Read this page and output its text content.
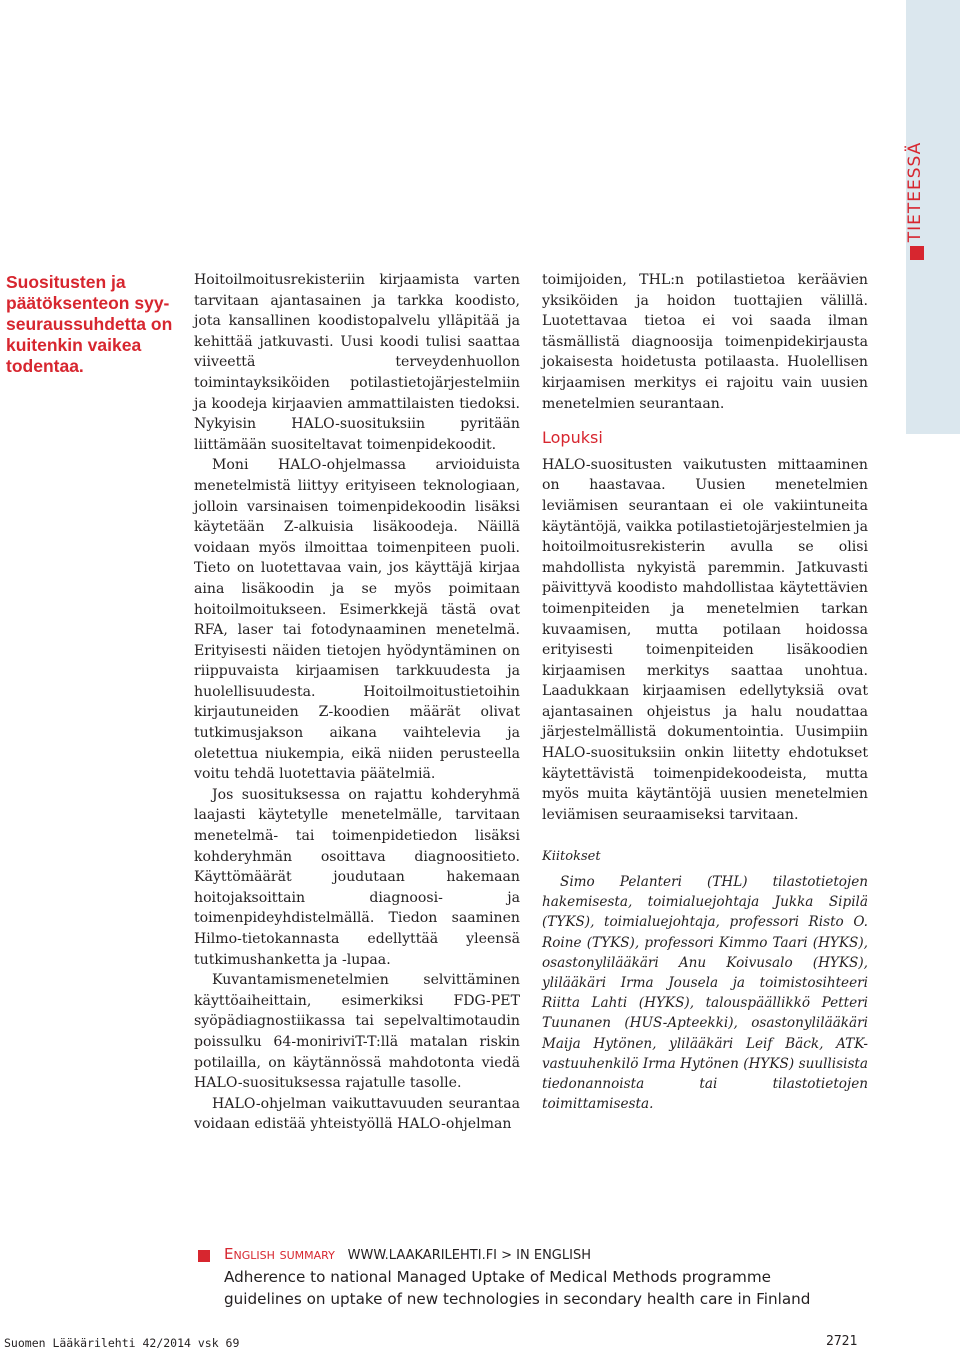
TIETEESSÄ
Suositusten ja päätöksenteon syy-seuraussuhdetta on kuitenkin vaikea todentaa.

Hoitoilmoitusrekisteriin kirjaamista varten tarvitaan ajantasainen ja tarkka koodisto, jota kansallinen koodistopalvelu ylläpitää ja kehittää jatkuvasti. Uusi koodi tulisi saattaa viiveettä terveydenhuollon toimintayksiköiden potilastietojärjestelmiin ja koodeja kirjaavien ammattilaisten tiedoksi. Nykyisin HALO-suosituksiin pyritään liittämään suositeltavat toimenpidekoodit.

Moni HALO-ohjelmassa arvioiduista menetelmistä liittyy erityiseen teknologiaan, jolloin varsinaisen toimenpidekoodin lisäksi käytetään Z-alkuisia lisäkoodeja. Näillä voidaan myös ilmoittaa toimenpiteen puoli. Tieto on luotettavaa vain, jos käyttäjä kirjaa aina lisäkoodin ja se myös poimitaan hoitoilmoitukseen. Esimerkkejä tästä ovat RFA, laser tai fotodynaaminen menetelmä. Erityisesti näiden tietojen hyödyntäminen on riippuvaista kirjaamisen tarkkuudesta ja huolellisuudesta. Hoitoilmoitustietoihin kirjautuneiden Z-koodien määrät olivat tutkimusjakson aikana vaihtelevia ja oletettua niukempia, eikä niiden perusteella voitu tehdä luotettavia päätelmiä.

Jos suosituksessa on rajattu kohderyhmä laajasti käytetylle menetelmälle, tarvitaan menetelmä- tai toimenpidetiedon lisäksi kohderyhmän osoittava diagnoositieto. Käyttömäärät joudutaan hakemaan hoitojaksoittain diagnoosi- ja toimenpideyhdistelmällä. Tiedon saaminen Hilmo-tietokannasta edellyttää yleensä tutkimushanketta ja -lupaa.

Kuvantamismenetelmien selvittäminen käyttöaiheittain, esimerkiksi FDG-PET syöpädiagnostiikassa tai sepelvaltimotaudin poissulku 64-moniriviT-T:llä matalan riskin potilailla, on käytännössä mahdotonta viedä HALO-suosituksessa rajatulle tasolle.

HALO-ohjelman vaikuttavuuden seurantaa voidaan edistää yhteistyöllä HALO-ohjelman

toimijoiden, THL:n potilastietoa keräävien yksiköiden ja hoidon tuottajien välillä. Luotettavaa tietoa ei voi saada ilman täsmällistä diagnoosija toimenpidekirjausta jokaisesta hoidetusta potilaasta. Huolellisen kirjaamisen merkitys ei rajoitu vain uusien menetelmien seurantaan.

Lopuksi

HALO-suositusten vaikutusten mittaaminen on haastavaa. Uusien menetelmien leviämisen seurantaan ei ole vakiintuneita käytäntöjä, vaikka potilastietojärjestelmien ja hoitoilmoitusrekisterin avulla se olisi mahdollista nykyistä paremmin. Jatkuvasti päivittyvä koodisto mahdollistaa käytettävien toimenpiteiden ja menetelmien tarkan kuvaamisen, mutta potilaan hoidossa erityisesti toimenpiteiden lisäkoodien kirjaamisen merkitys saattaa unohtua. Laadukkaan kirjaamisen edellytyksiä ovat ajantasainen ohjeistus ja halu noudattaa järjestelmällistä dokumentointia. Uusimpiin HALO-suosituksiin onkin liitetty ehdotukset käytettävistä toimenpidekoodeista, mutta myös muita käytäntöjä uusien menetelmien leviämisen seuraamiseksi tarvitaan.

Kiitokset

Simo Pelanteri (THL) tilastotietojen hakemisesta, toimialuejohtaja Jukka Sipilä (TYKS), toimialuejohtaja, professori Risto O. Roine (TYKS), professori Kimmo Taari (HYKS), osastonylilääkäri Anu Koivusalo (HYKS), ylilääkäri Irma Jousela ja toimistosihteeri Riitta Lahti (HYKS), talouspäällikkö Petteri Tuunanen (HUS-Apteekki), osastonylilääkäri Maija Hytönen, ylilääkäri Leif Bäck, ATK-vastuuhenkilö Irma Hytönen (HYKS) suullisista tiedonannoista tai tilastotietojen toimittamisesta.

English summary WWW.LAAKARILEHTI.FI > IN ENGLISH
Adherence to national Managed Uptake of Medical Methods programme
guidelines on uptake of new technologies in secondary health care in Finland
Suomen Lääkärilehti 42/2014 vsk 69	2721
